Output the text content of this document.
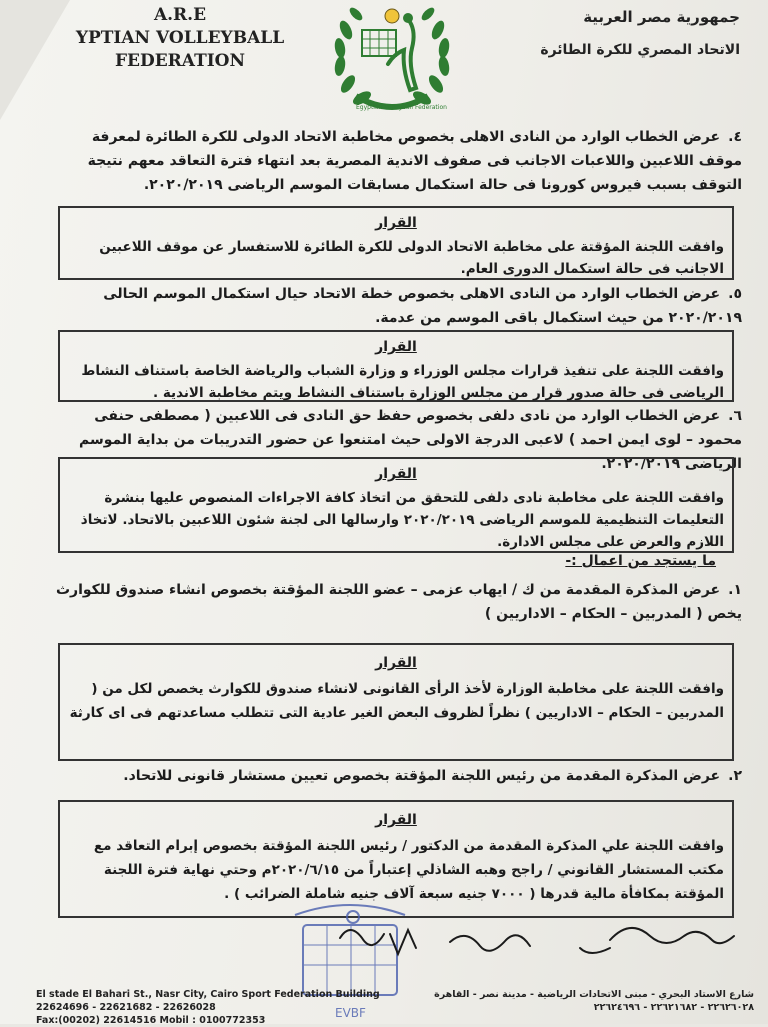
A.R.E
YPTIAN VOLLEYBALL
FEDERATION
Egyptian Volleyball Federation
جمهورية مصر العربية
الاتحاد المصري للكرة الطائرة
٤.عرض الخطاب الوارد من النادى الاهلى بخصوص مخاطبة الاتحاد الدولى للكرة الطائرة لمعرفة موقف اللاعبين واللاعبات الاجانب فى صفوف الاندية المصرية بعد انتهاء فترة التعاقد معهم نتيجة التوقف بسبب فيروس كورونا فى حالة استكمال مسابقات الموسم الرياضى ٢٠٢٠/٢٠١٩.
القرار
وافقت اللجنة المؤقتة على مخاطبة الاتحاد الدولى للكرة الطائرة للاستفسار عن موقف اللاعبين الاجانب فى حالة استكمال الدورى العام.
٥.عرض الخطاب الوارد من النادى الاهلى بخصوص خطة الاتحاد حيال استكمال الموسم الحالى ٢٠٢٠/٢٠١٩ من حيث استكمال باقى الموسم من عدمة.
القرار
وافقت اللجنة على تنفيذ قرارات مجلس الوزراء و وزارة الشباب والرياضة الخاصة باستناف النشاط الرياضى فى حالة صدور قرار من مجلس الوزارة باستناف النشاط ويتم مخاطبة الاندية .
٦.عرض الخطاب الوارد من نادى دلفى بخصوص حفظ حق النادى فى اللاعبين ( مصطفى حنفى محمود – لوى ايمن احمد ) لاعبى الدرجة الاولى حيث امتنعوا عن حضور التدريبات من بداية الموسم الرياضى ٢٠٢٠/٢٠١٩.
القرار
وافقت اللجنة على مخاطبة نادى دلفى للتحقق من اتخاذ كافة الاجراءات المنصوص عليها بنشرة التعليمات التنظيمية للموسم الرياضى ٢٠٢٠/٢٠١٩ وارسالها الى لجنة شئون اللاعبين بالاتحاد. لاتخاذ اللازم والعرض على مجلس الادارة.
ما يستجد من اعمال :-
١.عرض المذكرة المقدمة من ك / ايهاب عزمى – عضو اللجنة المؤقتة بخصوص انشاء صندوق للكوارث يخص ( المدربين – الحكام – الاداريين )
القرار
وافقت اللجنة على مخاطبة الوزارة لأخذ الرأى القانونى لانشاء صندوق للكوارث يخصص لكل من ( المدربين – الحكام – الاداريين ) نظراً لظروف البعض الغير عادية التى تتطلب مساعدتهم فى اى كارثة
٢.عرض المذكرة المقدمة من رئيس اللجنة المؤقتة بخصوص تعيين مستشار قانونى للاتحاد.
القرار
وافقت اللجنة علي المذكرة المقدمة من الدكتور / رئيس اللجنة المؤقتة بخصوص إبرام التعاقد مع مكتب المستشار القانوني / راجح وهبه الشاذلي إعتباراً من ٢٠٢٠/٦/١٥م وحتي نهاية فترة اللجنة المؤقتة بمكافأة مالية قدرها ( ٧٠٠٠ جنيه سبعة آلاف جنيه شاملة الضرائب ) .
EVBF
El stade El Bahari St., Nasr City, Cairo Sport Federation Building
22624696 - 22621682 - 22626028
Fax:(00202) 22614516 Mobil : 0100772353
شارع الاستاد البحري - مبنى الاتحادات الرياضية - مدينة نصر - القاهرة
٢٢٦٢٦٠٢٨ - ٢٢٦٢١٦٨٢ - ٢٢٦٢٤٦٩٦
